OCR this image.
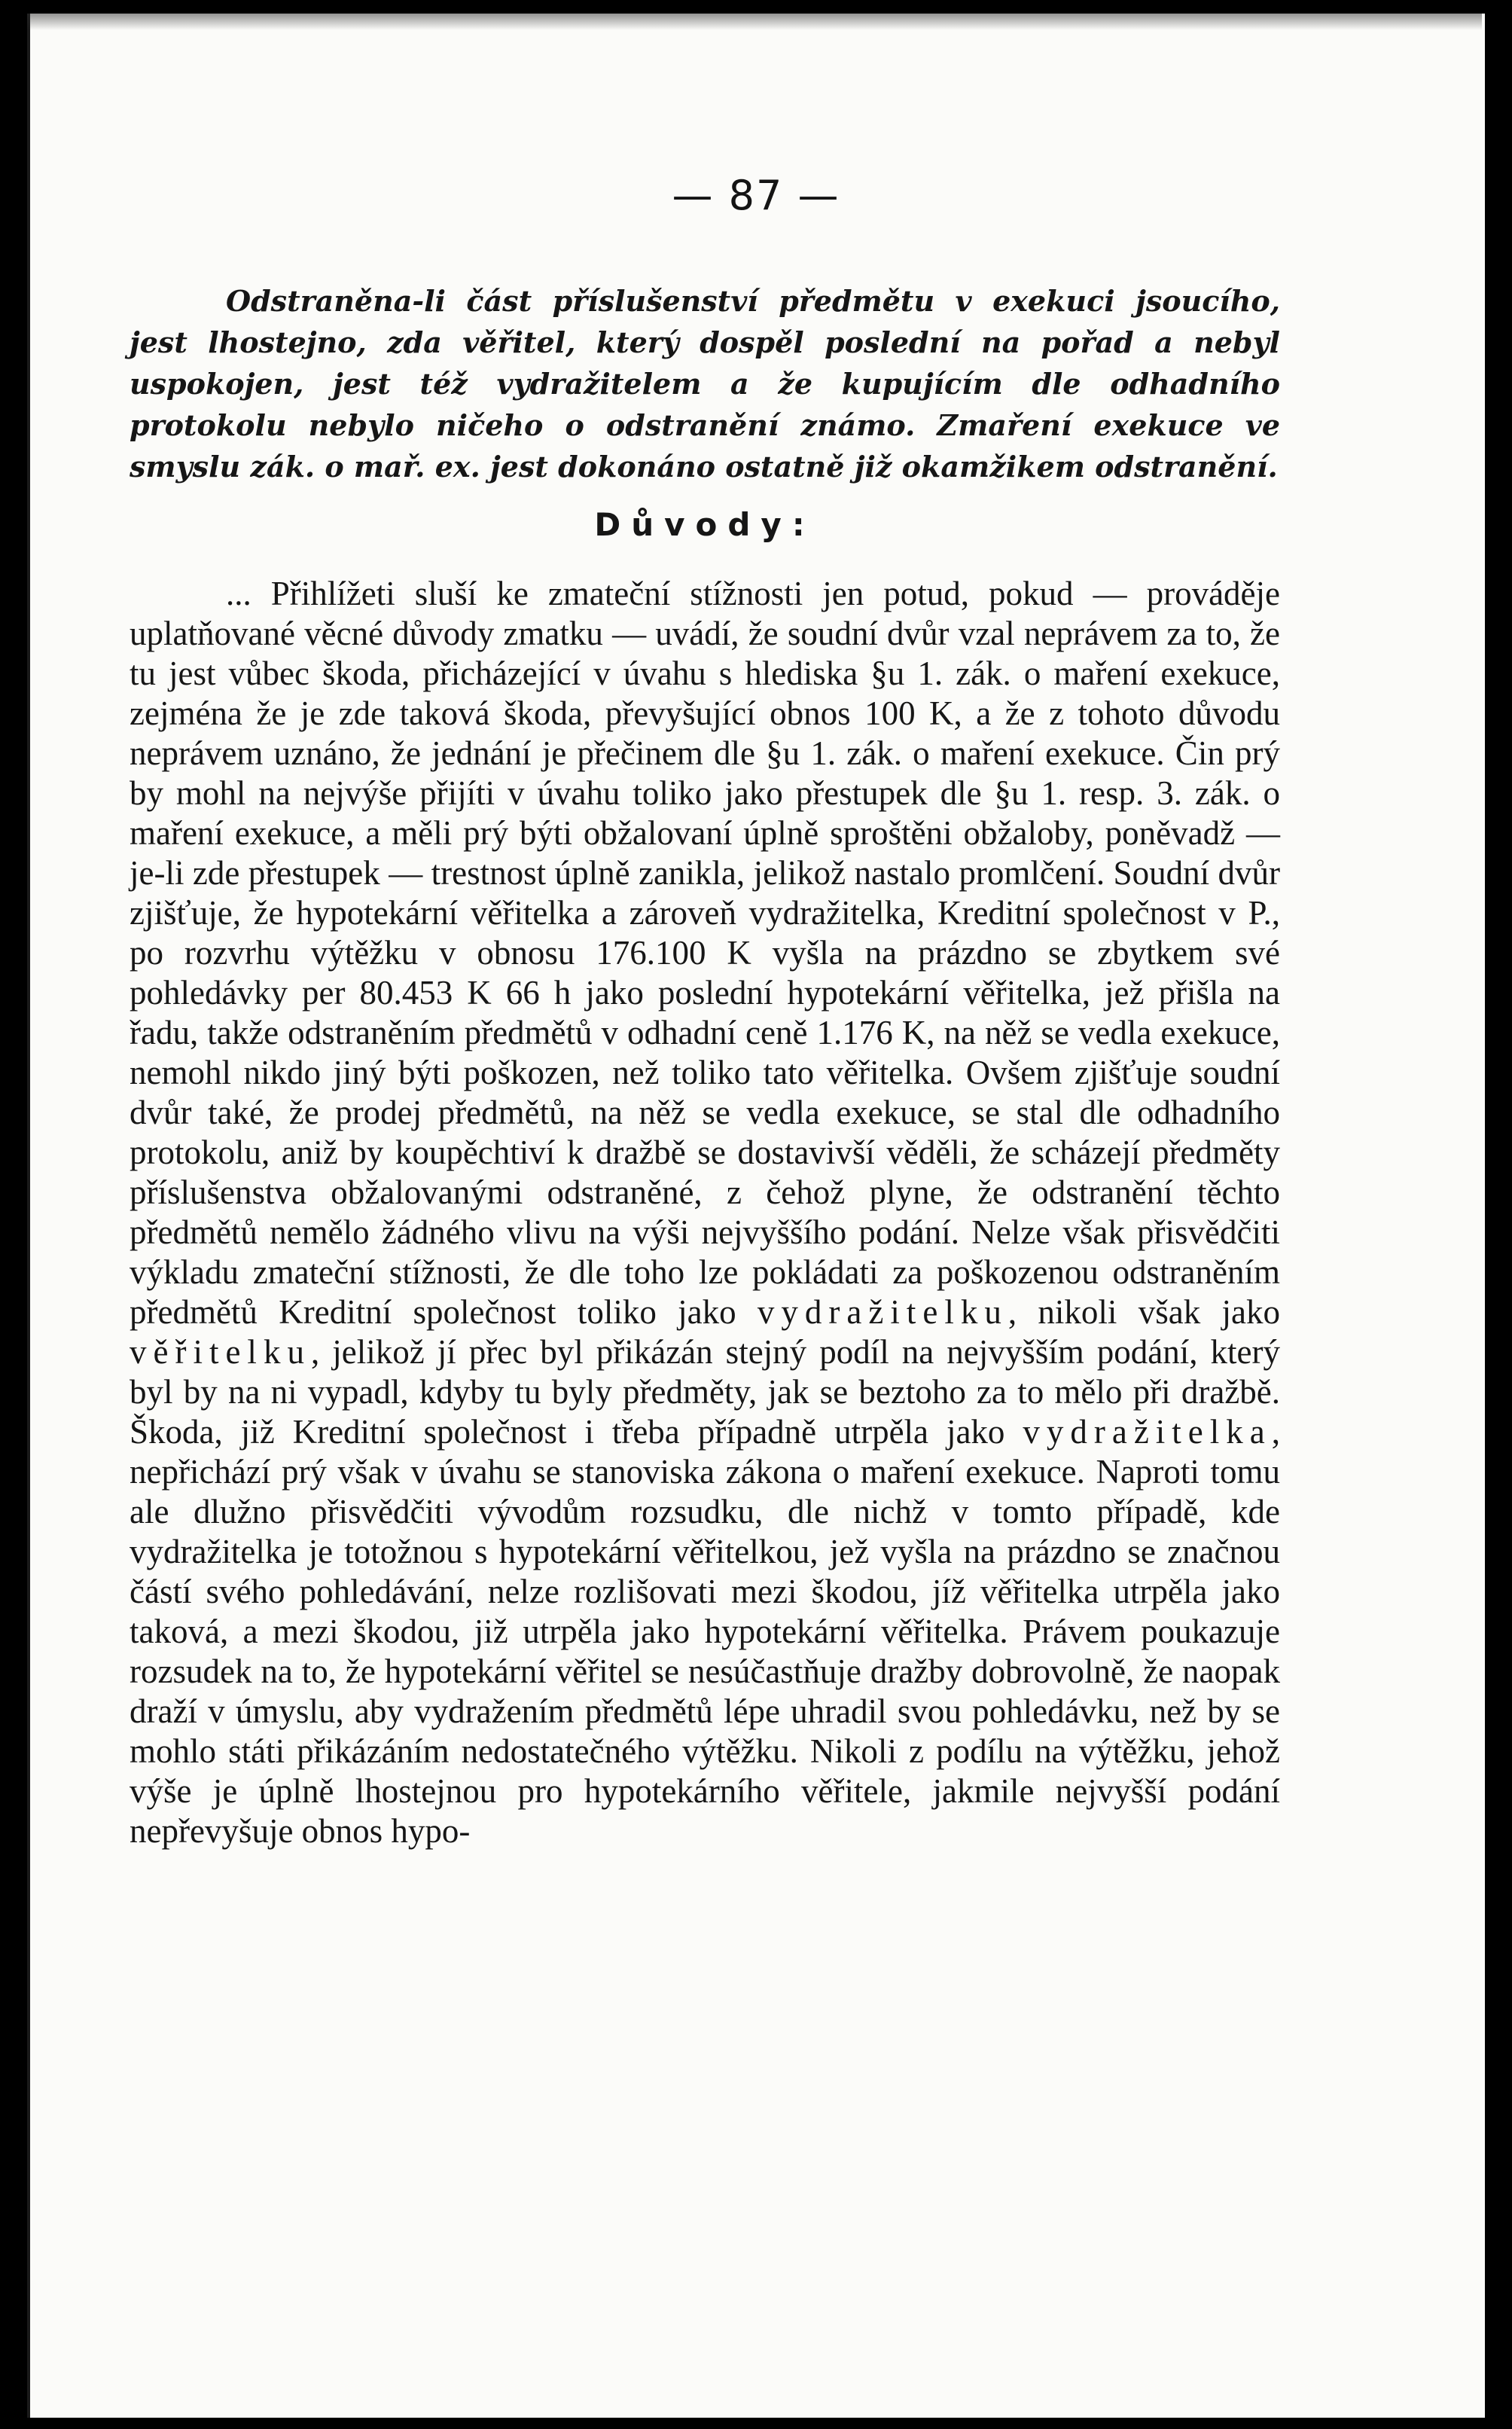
— 87 —

Odstraněna-li část příslušenství předmětu v exekuci jsoucího, jest lhostejno, zda věřitel, který dospěl poslední na pořad a nebyl uspokojen, jest též vydražitelem a že kupujícím dle odhadního protokolu nebylo ničeho o odstranění známo. Zmaření exekuce ve smyslu zák. o mař. ex. jest dokonáno ostatně již okamžikem odstranění.

Důvody:

... Přihlížeti sluší ke zmateční stížnosti jen potud, pokud — prováděje uplatňované věcné důvody zmatku — uvádí, že soudní dvůr vzal neprávem za to, že tu jest vůbec škoda, přicházející v úvahu s hlediska §u 1. zák. o maření exekuce, zejména že je zde taková škoda, převyšující obnos 100 K, a že z tohoto důvodu neprávem uznáno, že jednání je přečinem dle §u 1. zák. o maření exekuce. Čin prý by mohl na nejvýše přijíti v úvahu toliko jako přestupek dle §u 1. resp. 3. zák. o maření exekuce, a měli prý býti obžalovaní úplně sproštěni obžaloby, poněvadž — je-li zde přestupek — trestnost úplně zanikla, jelikož nastalo promlčení. Soudní dvůr zjišťuje, že hypotekární věřitelka a zároveň vydražitelka, Kreditní společnost v P., po rozvrhu výtěžku v obnosu 176.100 K vyšla na prázdno se zbytkem své pohledávky per 80.453 K 66 h jako poslední hypotekární věřitelka, jež přišla na řadu, takže odstraněním předmětů v odhadní ceně 1.176 K, na něž se vedla exekuce, nemohl nikdo jiný býti poškozen, než toliko tato věřitelka. Ovšem zjišťuje soudní dvůr také, že prodej předmětů, na něž se vedla exekuce, se stal dle odhadního protokolu, aniž by koupěchtiví k dražbě se dostavivší věděli, že scházejí předměty příslušenstva obžalovanými odstraněné, z čehož plyne, že odstranění těchto předmětů nemělo žádného vlivu na výši nejvyššího podání. Nelze však přisvědčiti výkladu zmateční stížnosti, že dle toho lze pokládati za poškozenou odstraněním předmětů Kreditní společnost toliko jako vydražitelku, nikoli však jako věřitelku, jelikož jí přec byl přikázán stejný podíl na nejvyšším podání, který byl by na ni vypadl, kdyby tu byly předměty, jak se beztoho za to mělo při dražbě. Škoda, již Kreditní společnost i třeba případně utrpěla jako vydražitelka, nepřichází prý však v úvahu se stanoviska zákona o maření exekuce. Naproti tomu ale dlužno přisvědčiti vývodům rozsudku, dle nichž v tomto případě, kde vydražitelka je totožnou s hypotekární věřitelkou, jež vyšla na prázdno se značnou částí svého pohledávání, nelze rozlišovati mezi škodou, jíž věřitelka utrpěla jako taková, a mezi škodou, již utrpěla jako hypotekární věřitelka. Právem poukazuje rozsudek na to, že hypotekární věřitel se nesúčastňuje dražby dobrovolně, že naopak draží v úmyslu, aby vydražením předmětů lépe uhradil svou pohledávku, než by se mohlo státi přikázáním nedostatečného výtěžku. Nikoli z podílu na výtěžku, jehož výše je úplně lhostejnou pro hypotekárního věřitele, jakmile nejvyšší podání nepřevyšuje obnos hypo-
